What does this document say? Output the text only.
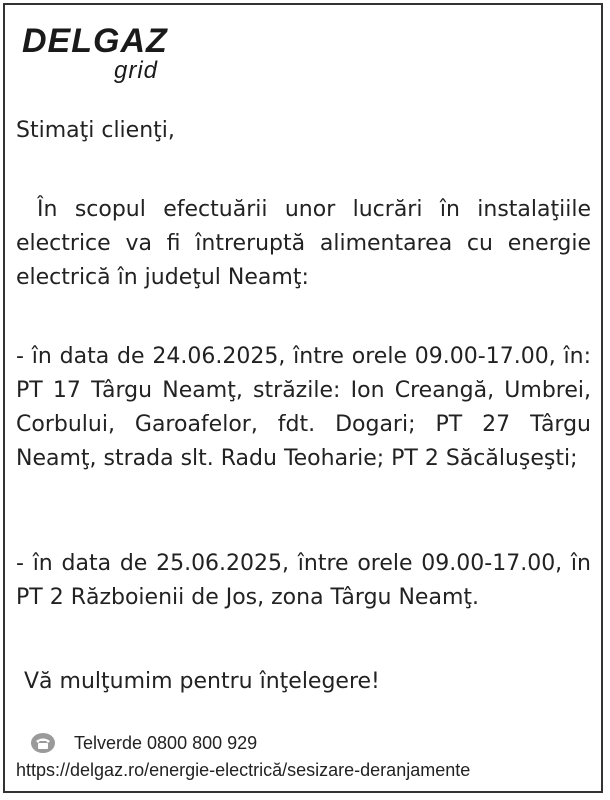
DELGAZ
grid
Stimaţi clienţi,
În scopul efectuării unor lucrări în instalaţiile electrice va fi întreruptă alimentarea cu energie electrică în judeţul Neamţ:
- în data de 24.06.2025, între orele 09.00-17.00, în: PT 17 Târgu Neamţ, străzile: Ion Creangă, Umbrei, Corbului, Garoafelor, fdt. Dogari; PT 27 Târgu Neamţ, strada slt. Radu Teoharie; PT 2 Săcăluşeşti;
- în data de 25.06.2025, între orele 09.00-17.00, în PT 2 Războienii de Jos, zona Târgu Neamţ.
Vă mulţumim pentru înţelegere!
Telverde 0800 800 929
https://delgaz.ro/energie-electrică/sesizare-deranjamente
